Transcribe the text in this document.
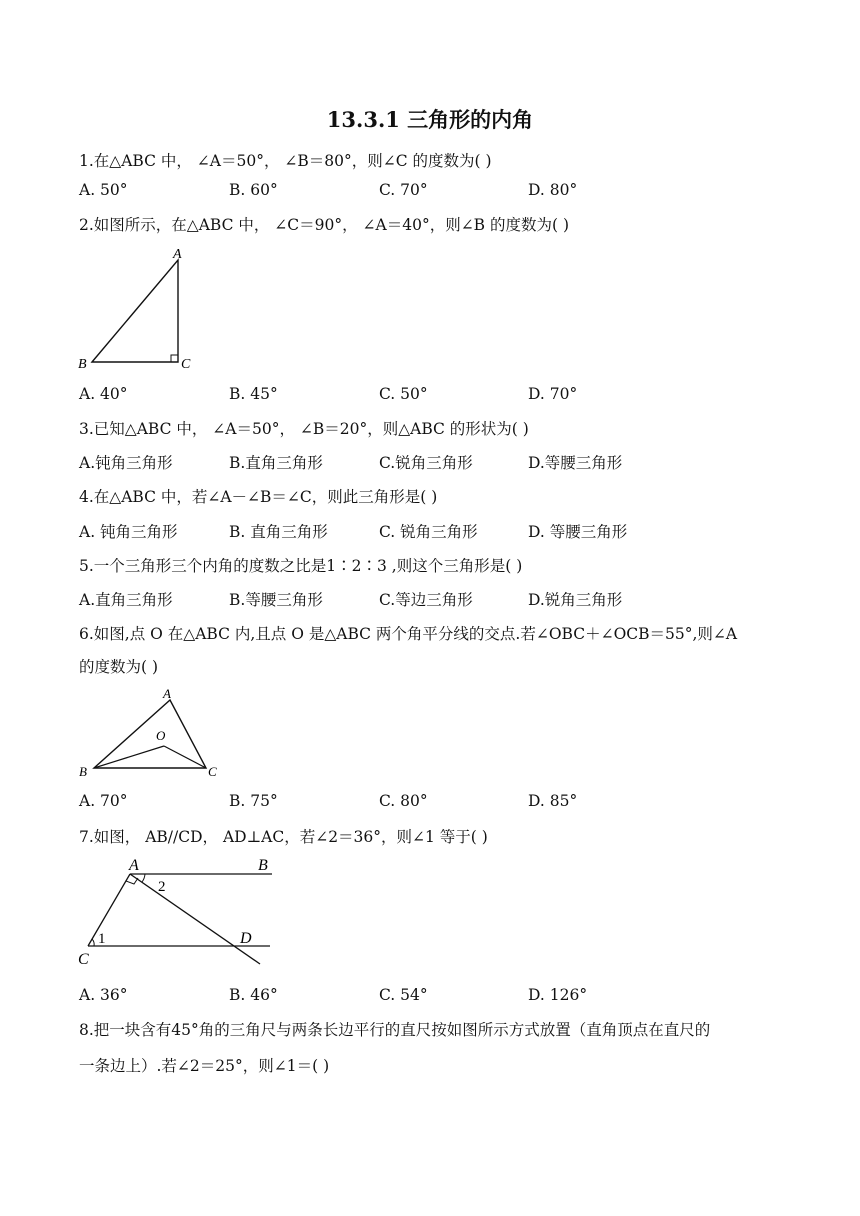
13.3.1 三角形的内角
1.在△ABC 中， ∠A＝50°， ∠B＝80°，则∠C 的度数为( )
A. 50°	B. 60°	C. 70°	D. 80°
2.如图所示，在△ABC 中， ∠C＝90°， ∠A＝40°，则∠B 的度数为( )
A
B	C
A. 40°	B. 45°	C. 50°	D. 70°
3.已知△ABC 中， ∠A＝50°， ∠B＝20°，则△ABC 的形状为( )
A.钝角三角形	B.直角三角形	C.锐角三角形	D.等腰三角形
4.在△ABC 中，若∠A－∠B＝∠C，则此三角形是( )
A. 钝角三角形	B. 直角三角形	C. 锐角三角形	D. 等腰三角形
5.一个三角形三个内角的度数之比是1∶2∶3 ,则这个三角形是( )
A.直角三角形	B.等腰三角形	C.等边三角形	D.锐角三角形
6.如图,点 O 在△ABC 内,且点 O 是△ABC 两个角平分线的交点.若∠OBC＋∠OCB＝55°,则∠A
的度数为( )
A
O
B	C
A. 70°	B. 75°	C. 80°	D. 85°
7.如图， AB//CD， AD⊥AC，若∠2＝36°，则∠1 等于( )
A	B
2
1	D
C
A. 36°	B. 46°	C. 54°	D. 126°
8.把一块含有45°角的三角尺与两条长边平行的直尺按如图所示方式放置（直角顶点在直尺的
一条边上）.若∠2＝25°，则∠1＝( )
